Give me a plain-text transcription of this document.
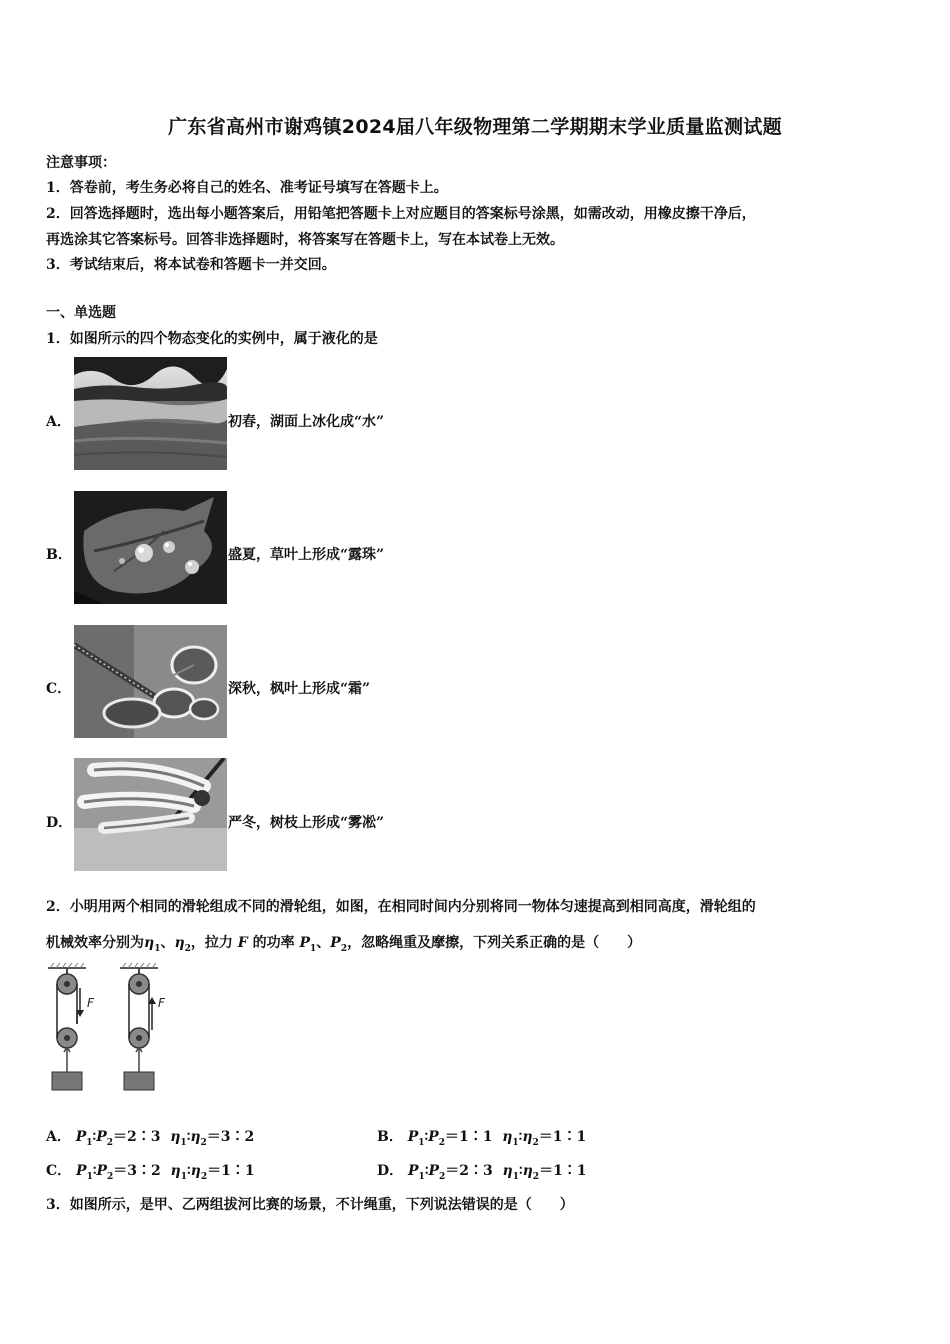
广东省高州市谢鸡镇2024届八年级物理第二学期期末学业质量监测试题
注意事项：
1．答卷前，考生务必将自己的姓名、准考证号填写在答题卡上。
2．回答选择题时，选出每小题答案后，用铅笔把答题卡上对应题目的答案标号涂黑，如需改动，用橡皮擦干净后，
再选涂其它答案标号。回答非选择题时，将答案写在答题卡上，写在本试卷上无效。
3．考试结束后，将本试卷和答题卡一并交回。
一、单选题
1．如图所示的四个物态变化的实例中，属于液化的是
A．	初春，湖面上冰化成“水”
B．	盛夏，草叶上形成“露珠”
C．	深秋，枫叶上形成“霜”
D．	严冬，树枝上形成“雾凇”
2．小明用两个相同的滑轮组成不同的滑轮组，如图，在相同时间内分别将同一物体匀速提高到相同高度，滑轮组的
机械效率分别为$\eta_1$、$\eta_2$，拉力 F 的功率 $P_1$、$P_2$，忽略绳重及摩擦，下列关系正确的是（　　）
F	F
A． $P_1∶P_2=2∶3$ $\eta_1∶\eta_2=3∶2$	B． $P_1∶P_2=1∶1$ $\eta_1∶\eta_2=1∶1$
C． $P_1∶P_2=3∶2$ $\eta_1∶\eta_2=1∶1$	D． $P_1∶P_2=2∶3$ $\eta_1∶\eta_2=1∶1$
3．如图所示，是甲、乙两组拔河比赛的场景，不计绳重，下列说法错误的是（　　）
